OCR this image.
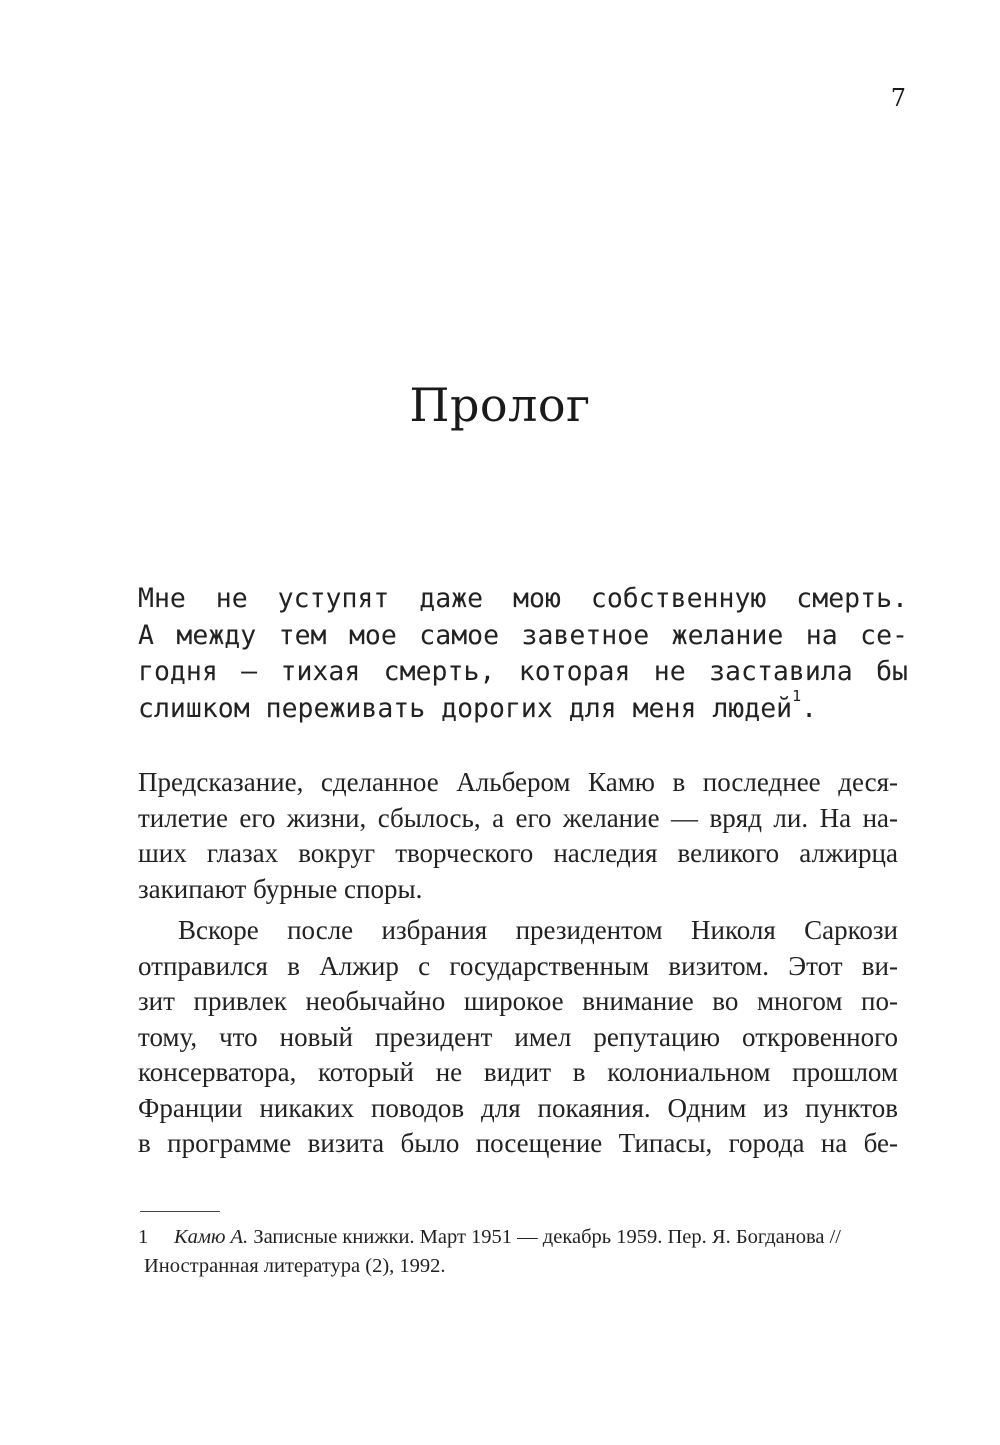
7
Пролог
Мне не уступят даже мою собственную смерть.
А между тем мое самое заветное желание на се-
годня — тихая смерть, которая не заставила бы
слишком переживать дорогих для меня людей$^1$.
Предсказание, сделанное Альбером Камю в последнее деся-
тилетие его жизни, сбылось, а его желание — вряд ли. На на-
ших глазах вокруг творческого наследия великого алжирца
закипают бурные споры.
Вскоре после избрания президентом Николя Саркози
отправился в Алжир с государственным визитом. Этот ви-
зит привлек необычайно широкое внимание во многом по-
тому, что новый президент имел репутацию откровенного
консерватора, который не видит в колониальном прошлом
Франции никаких поводов для покаяния. Одним из пунктов
в программе визита было посещение Типасы, города на бе-
1 Камю А. Записные книжки. Март 1951 — декабрь 1959. Пер. Я. Богданова //
Иностранная литература (2), 1992.
